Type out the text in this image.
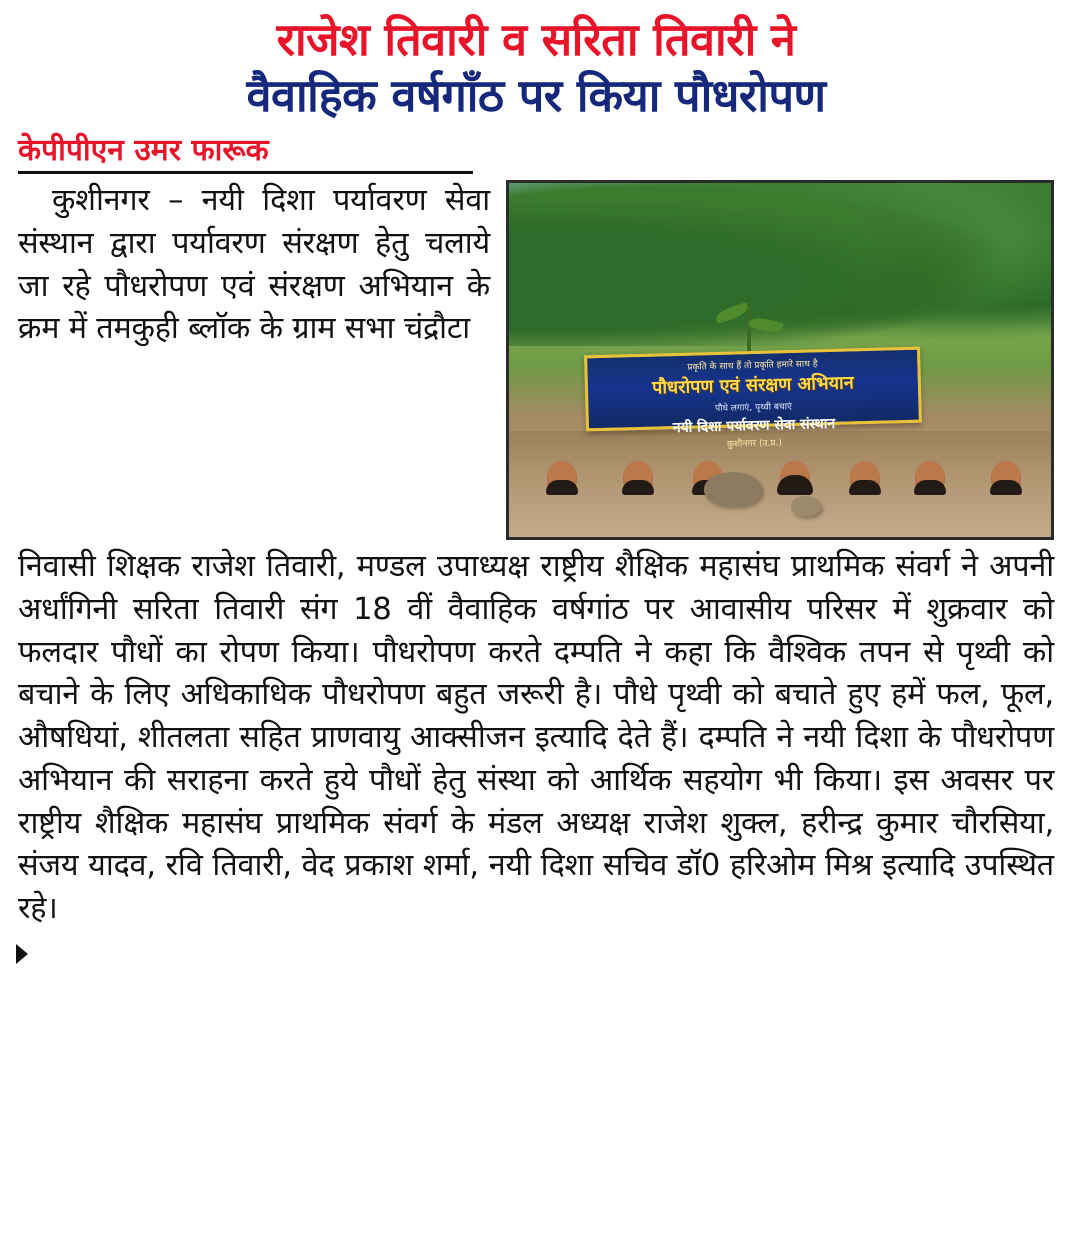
राजेश तिवारी व सरिता तिवारी ने
वैवाहिक वर्षगाँठ पर किया पौधरोपण
केपीपीएन उमर फारूक
प्रकृति के साथ हैं तो प्रकृति हमारे साथ है
पौधरोपण एवं संरक्षण अभियान
पौधे लगाएं, पृथ्वी बचाएं
नयी दिशा पर्यावरण सेवा संस्थान
कुशीनगर (उ.प्र.)

कुशीनगर – नयी दिशा पर्यावरण सेवा संस्थान द्वारा पर्यावरण संरक्षण हेतु चलाये जा रहे पौधरोपण एवं संरक्षण अभियान के क्रम में तमकुही ब्लॉक के ग्राम सभा चंद्रौटा

निवासी शिक्षक राजेश तिवारी, मण्डल उपाध्यक्ष राष्ट्रीय शैक्षिक महासंघ प्राथमिक संवर्ग ने अपनी अर्धांगिनी सरिता तिवारी संग 18 वीं वैवाहिक वर्षगांठ पर आवासीय परिसर में शुक्रवार को फलदार पौधों का रोपण किया। पौधरोपण करते दम्पति ने कहा कि वैश्विक तपन से पृथ्वी को बचाने के लिए अधिकाधिक पौधरोपण बहुत जरूरी है। पौधे पृथ्वी को बचाते हुए हमें फल, फूल, औषधियां, शीतलता सहित प्राणवायु आक्सीजन इत्यादि देते हैं। दम्पति ने नयी दिशा के पौधरोपण अभियान की सराहना करते हुये पौधों हेतु संस्था को आर्थिक सहयोग भी किया। इस अवसर पर राष्ट्रीय शैक्षिक महासंघ प्राथमिक संवर्ग के मंडल अध्यक्ष राजेश शुक्ल, हरीन्द्र कुमार चौरसिया, संजय यादव, रवि तिवारी, वेद प्रकाश शर्मा, नयी दिशा सचिव डॉ0 हरिओम मिश्र इत्यादि उपस्थित रहे।
